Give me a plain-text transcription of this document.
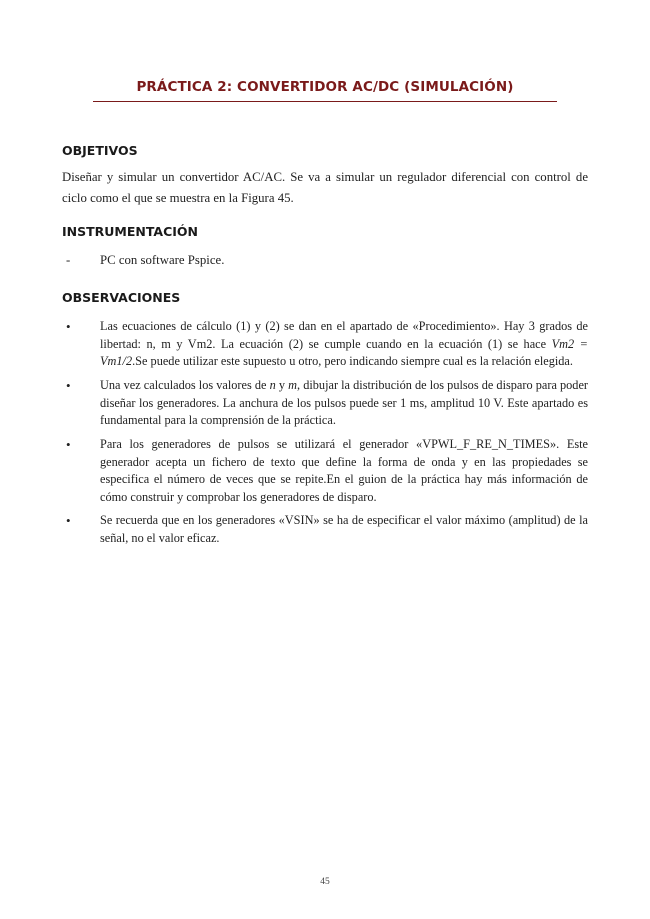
PRÁCTICA 2: CONVERTIDOR AC/DC (SIMULACIÓN)
OBJETIVOS
Diseñar y simular un convertidor AC/AC. Se va a simular un regulador diferencial con control de ciclo como el que se muestra en la Figura 45.
INSTRUMENTACIÓN
- PC con software Pspice.
OBSERVACIONES
• Las ecuaciones de cálculo (1) y (2) se dan en el apartado de «Procedimiento». Hay 3 grados de libertad: n, m y Vm2. La ecuación (2) se cumple cuando en la ecuación (1) se hace Vm2 = Vm1/2.Se puede utilizar este supuesto u otro, pero indicando siempre cual es la relación elegida.
• Una vez calculados los valores de n y m, dibujar la distribución de los pulsos de disparo para poder diseñar los generadores. La anchura de los pulsos puede ser 1 ms, amplitud 10 V. Este apartado es fundamental para la comprensión de la práctica.
• Para los generadores de pulsos se utilizará el generador «VPWL_F_RE_N_TIMES». Este generador acepta un fichero de texto que define la forma de onda y en las propiedades se especifica el número de veces que se repite.En el guion de la práctica hay más información de cómo construir y comprobar los generadores de disparo.
• Se recuerda que en los generadores «VSIN» se ha de especificar el valor máximo (amplitud) de la señal, no el valor eficaz.
45
